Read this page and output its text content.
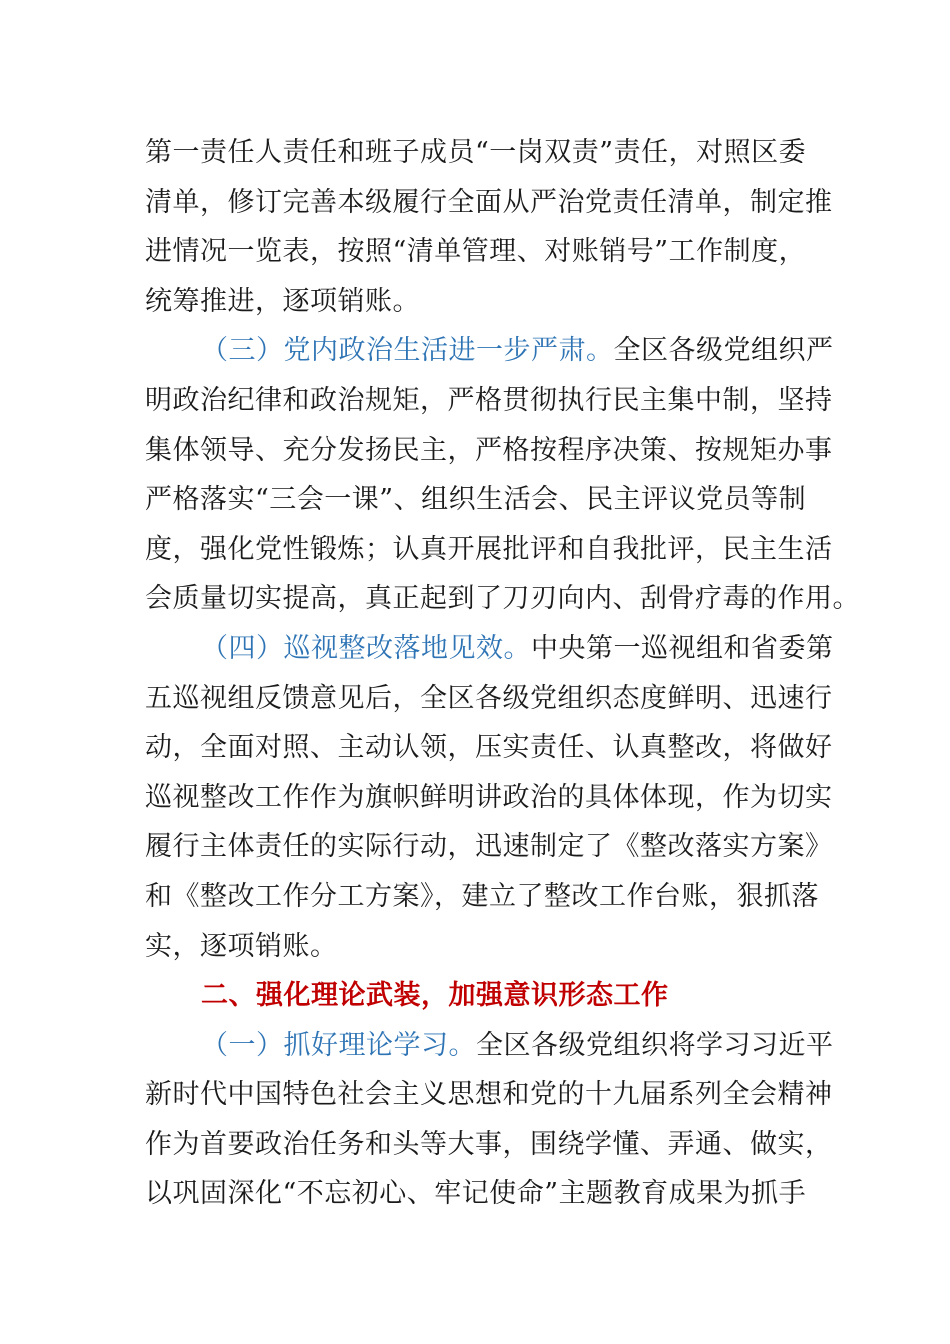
第一责任人责任和班子成员“一岗双责”责任，对照区委
清单，修订完善本级履行全面从严治党责任清单，制定推
进情况一览表，按照“清单管理、对账销号”工作制度，
统筹推进，逐项销账。
（三）党内政治生活进一步严肃。全区各级党组织严
明政治纪律和政治规矩，严格贯彻执行民主集中制，坚持
集体领导、充分发扬民主，严格按程序决策、按规矩办事
严格落实“三会一课”、组织生活会、民主评议党员等制
度，强化党性锻炼；认真开展批评和自我批评，民主生活
会质量切实提高，真正起到了刀刃向内、刮骨疗毒的作用。
（四）巡视整改落地见效。中央第一巡视组和省委第
五巡视组反馈意见后，全区各级党组织态度鲜明、迅速行
动，全面对照、主动认领，压实责任、认真整改，将做好
巡视整改工作作为旗帜鲜明讲政治的具体体现，作为切实
履行主体责任的实际行动，迅速制定了《整改落实方案》
和《整改工作分工方案》，建立了整改工作台账，狠抓落
实，逐项销账。
二、强化理论武装，加强意识形态工作
（一）抓好理论学习。全区各级党组织将学习习近平
新时代中国特色社会主义思想和党的十九届系列全会精神
作为首要政治任务和头等大事，围绕学懂、弄通、做实，
以巩固深化“不忘初心、牢记使命”主题教育成果为抓手
